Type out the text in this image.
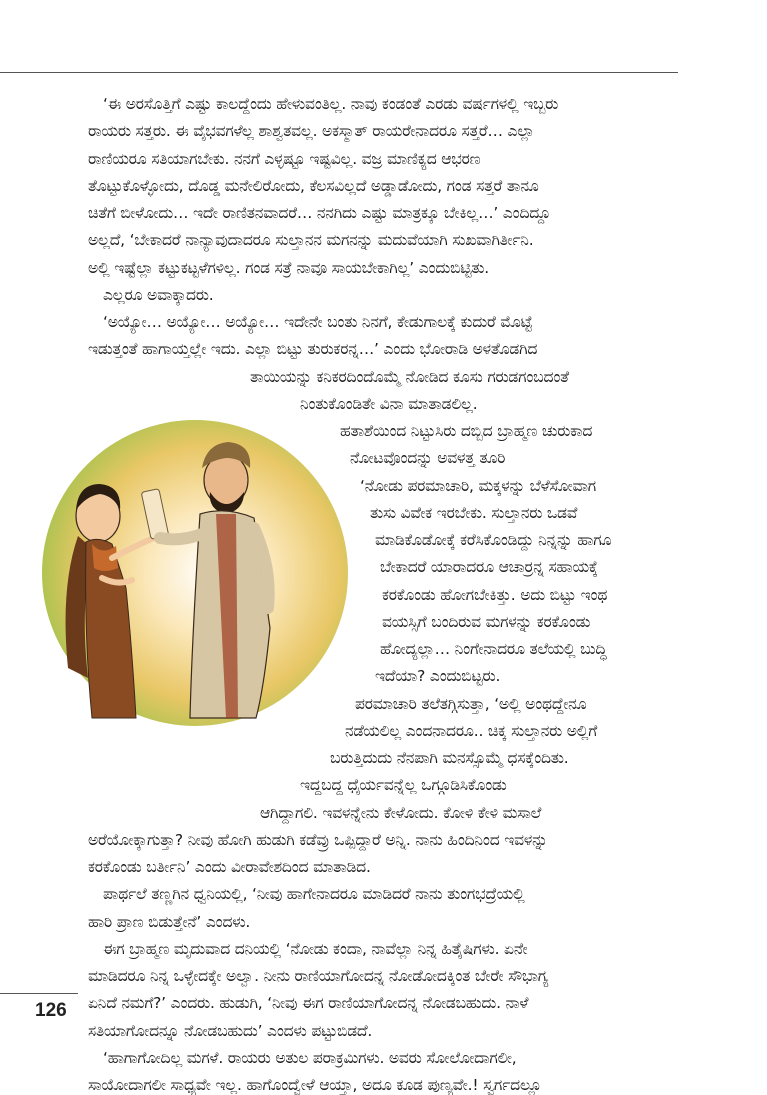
‘ಈ ಅರಸೊತ್ತಿಗೆ ಎಷ್ಟು ಕಾಲದ್ದೆಂದು ಹೇಳುವಂತಿಲ್ಲ. ನಾವು ಕಂಡಂತೆ ಎರಡು ವರ್ಷಗಳಲ್ಲಿ ಇಬ್ಬರು
ರಾಯರು ಸತ್ತರು. ಈ ವೈಭವಗಳೆಲ್ಲ ಶಾಶ್ವತವಲ್ಲ. ಅಕಸ್ಮಾತ್ ರಾಯರೇನಾದರೂ ಸತ್ತರೆ… ಎಲ್ಲಾ
ರಾಣಿಯರೂ ಸತಿಯಾಗಬೇಕು. ನನಗೆ ಎಳ್ಳಷ್ಟೂ ಇಷ್ಟವಿಲ್ಲ. ವಜ್ರ ಮಾಣಿಕ್ಯದ ಆಭರಣ
ತೊಟ್ಟುಕೊಳ್ಳೋದು, ದೊಡ್ಡ ಮನೇಲಿರೋದು, ಕೆಲಸವಿಲ್ಲದೆ ಅಡ್ಡಾಡೋದು, ಗಂಡ ಸತ್ತರೆ ತಾನೂ
ಚಿತೆಗೆ ಬೀಳೋದು… ಇದೇ ರಾಣಿತನವಾದರೆ… ನನಗಿದು ಎಷ್ಟು ಮಾತ್ರಕ್ಕೂ ಬೇಕಿಲ್ಲ…’ ಎಂದಿದ್ದೂ
ಅಲ್ಲದೆ, ‘ಬೇಕಾದರೆ ನಾನ್ಯಾವುದಾದರೂ ಸುಲ್ತಾನನ ಮಗನನ್ನು ಮದುವೆಯಾಗಿ ಸುಖವಾಗಿರ್ತೀನಿ.
ಅಲ್ಲಿ ಇಷ್ಟೆಲ್ಲಾ ಕಟ್ಟುಕಟ್ಟಳೆಗಳಿಲ್ಲ. ಗಂಡ ಸತ್ರೆ ನಾವೂ ಸಾಯಬೇಕಾಗಿಲ್ಲ’ ಎಂದುಬಿಟ್ಟಿತು.
ಎಲ್ಲರೂ ಅವಾಕ್ಕಾದರು.
‘ಅಯ್ಯೋ… ಅಯ್ಯೋ… ಅಯ್ಯೋ… ಇದೇನೇ ಬಂತು ನಿನಗೆ, ಕೇಡುಗಾಲಕ್ಕೆ ಕುದುರೆ ಮೊಟ್ಟೆ
ಇಡುತ್ತಂತೆ ಹಾಗಾಯ್ತಲ್ಲೇ ಇದು. ಎಲ್ಲಾ ಬಿಟ್ಟು ತುರುಕರನ್ನ…’ ಎಂದು ಭೋರಾಡಿ ಅಳತೊಡಗಿದ
ತಾಯಿಯನ್ನು ಕನಿಕರದಿಂದೊಮ್ಮೆ ನೋಡಿದ ಕೂಸು ಗರುಡಗಂಬದಂತೆ
ನಿಂತುಕೊಂಡಿತೇ ವಿನಾ ಮಾತಾಡಲಿಲ್ಲ.
ಹತಾಶೆಯಿಂದ ನಿಟ್ಟುಸಿರು ದಬ್ಬಿದ ಬ್ರಾಹ್ಮಣ ಚುರುಕಾದ
ನೋಟವೊಂದನ್ನು ಅವಳತ್ತ ತೂರಿ
‘ನೋಡು ಪರಮಾಚಾರಿ, ಮಕ್ಕಳನ್ನು ಬೆಳೆಸೋವಾಗ
ತುಸು ವಿವೇಕ ಇರಬೇಕು. ಸುಲ್ತಾನರು ಒಡವೆ
ಮಾಡಿಕೊಡೋಕ್ಕೆ ಕರೆಸಿಕೊಂಡಿದ್ದು ನಿನ್ನನ್ನು ಹಾಗೂ
ಬೇಕಾದರೆ ಯಾರಾದರೂ ಆಚಾರ್‍ರನ್ನ ಸಹಾಯಕ್ಕೆ
ಕರಕೊಂಡು ಹೋಗಬೇಕಿತ್ತು. ಅದು ಬಿಟ್ಟು ಇಂಥ
ವಯಸ್ಸಿಗೆ ಬಂದಿರುವ ಮಗಳನ್ನು ಕರಕೊಂಡು
ಹೋದ್ಯಲ್ಲಾ… ನಿಂಗೇನಾದರೂ ತಲೆಯಲ್ಲಿ ಬುದ್ಧಿ
ಇದೆಯಾ? ಎಂದುಬಿಟ್ಟರು.
ಪರಮಾಚಾರಿ ತಲೆತಗ್ಗಿಸುತ್ತಾ, ‘ಅಲ್ಲಿ ಅಂಥದ್ದೇನೂ
ನಡೆಯಲಿಲ್ಲ ಎಂದನಾದರೂ.. ಚಿಕ್ಕ ಸುಲ್ತಾನರು ಅಲ್ಲಿಗೆ
ಬರುತ್ತಿದುದು ನೆನಪಾಗಿ ಮನಸ್ಸೊಮ್ಮೆ ಧಸಕ್ಕೆಂದಿತು.
ಇದ್ದಬದ್ದ ಧೈರ್ಯವನ್ನೆಲ್ಲ ಒಗ್ಗೂಡಿಸಿಕೊಂಡು
ಆಗಿದ್ದಾಗಲಿ. ಇವಳನ್ನೇನು ಕೇಳೋದು. ಕೋಳಿ ಕೇಳಿ ಮಸಾಲೆ
ಅರೆಯೋಕ್ಕಾಗುತ್ತಾ? ನೀವು ಹೋಗಿ ಹುಡುಗಿ ಕಡೆವ್ರು ಒಪ್ಪಿದ್ದಾರೆ ಅನ್ನಿ. ನಾನು ಹಿಂದಿನಿಂದ ಇವಳನ್ನು
ಕರಕೊಂಡು ಬರ್ತೀನಿ’ ಎಂದು ವೀರಾವೇಶದಿಂದ ಮಾತಾಡಿದ.
ಪಾರ್ಥಲೆ ತಣ್ಣಗಿನ ಧ್ವನಿಯಲ್ಲಿ, ‘ನೀವು ಹಾಗೇನಾದರೂ ಮಾಡಿದರೆ ನಾನು ತುಂಗಭದ್ರೆಯಲ್ಲಿ
ಹಾರಿ ಪ್ರಾಣ ಬಿಡುತ್ತೇನೆ’ ಎಂದಳು.
ಈಗ ಬ್ರಾಹ್ಮಣ ಮೃದುವಾದ ದನಿಯಲ್ಲಿ ‘ನೋಡು ಕಂದಾ, ನಾವೆಲ್ಲಾ ನಿನ್ನ ಹಿತೈಷಿಗಳು. ಏನೇ
ಮಾಡಿದರೂ ನಿನ್ನ ಒಳ್ಳೇದಕ್ಕೇ ಅಲ್ವಾ. ನೀನು ರಾಣಿಯಾಗೋದನ್ನ ನೋಡೋದಕ್ಕಿಂತ ಬೇರೇ ಸೌಭಾಗ್ಯ
ಏನಿದೆ ನಮಗೆ?’ ಎಂದರು. ಹುಡುಗಿ, ‘ನೀವು ಈಗ ರಾಣಿಯಾಗೋದನ್ನ ನೋಡಬಹುದು. ನಾಳೆ
ಸತಿಯಾಗೋದನ್ನೂ ನೋಡಬಹುದು’ ಎಂದಳು ಪಟ್ಟುಬಿಡದೆ.
‘ಹಾಗಾಗೋದಿಲ್ಲ ಮಗಳೆ. ರಾಯರು ಅತುಲ ಪರಾಕ್ರಮಿಗಳು. ಅವರು ಸೋಲೋದಾಗಲೀ,
ಸಾಯೋದಾಗಲೀ ಸಾಧ್ಯವೇ ಇಲ್ಲ. ಹಾಗೊಂದ್ವೇಳೆ ಆಯ್ತಾ, ಅದೂ ಕೂಡ ಪುಣ್ಯವೇ.! ಸ್ವರ್ಗದಲ್ಲೂ
126
